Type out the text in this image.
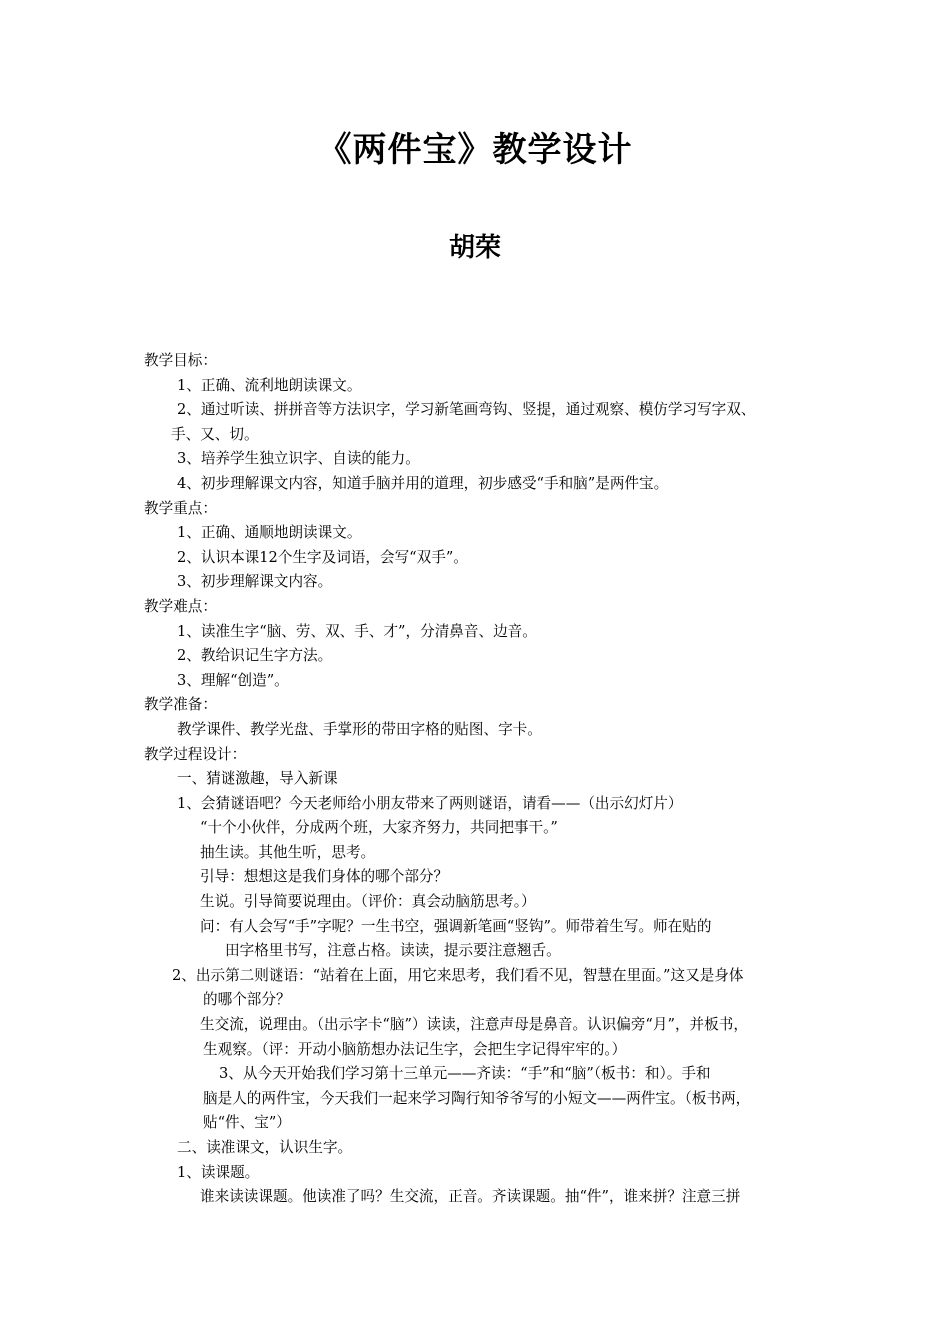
《两件宝》教学设计
胡荣
教学目标：
1、正确、流利地朗读课文。
2、通过听读、拼拼音等方法识字，学习新笔画弯钩、竖提，通过观察、模仿学习写字双、
手、又、切。
3、培养学生独立识字、自读的能力。
4、初步理解课文内容，知道手脑并用的道理，初步感受“手和脑”是两件宝。
教学重点：
1、正确、通顺地朗读课文。
2、认识本课12个生字及词语，会写“双手”。
3、初步理解课文内容。
教学难点：
1、读准生字“脑、劳、双、手、才”，分清鼻音、边音。
2、教给识记生字方法。
3、理解“创造”。
教学准备：
教学课件、教学光盘、手掌形的带田字格的贴图、字卡。
教学过程设计：
一、猜谜激趣，导入新课
1、会猜谜语吧？今天老师给小朋友带来了两则谜语，请看——（出示幻灯片）
“十个小伙伴，分成两个班，大家齐努力，共同把事干。”
抽生读。其他生听，思考。
引导：想想这是我们身体的哪个部分？
生说。引导简要说理由。（评价：真会动脑筋思考。）
问：有人会写“手”字呢？一生书空，强调新笔画“竖钩”。师带着生写。师在贴的
田字格里书写，注意占格。读读，提示要注意翘舌。
2、出示第二则谜语：“站着在上面，用它来思考，我们看不见，智慧在里面。”这又是身体
的哪个部分？
生交流，说理由。（出示字卡“脑”）读读，注意声母是鼻音。认识偏旁“月”，并板书，
生观察。（评：开动小脑筋想办法记生字，会把生字记得牢牢的。）
3、从今天开始我们学习第十三单元——齐读：“手”和“脑”（板书：和）。手和
脑是人的两件宝，今天我们一起来学习陶行知爷爷写的小短文——两件宝。（板书两，
贴“件、宝”）
二、读准课文，认识生字。
1、读课题。
谁来读读课题。他读准了吗？生交流，正音。齐读课题。抽“件”，谁来拼？注意三拼
